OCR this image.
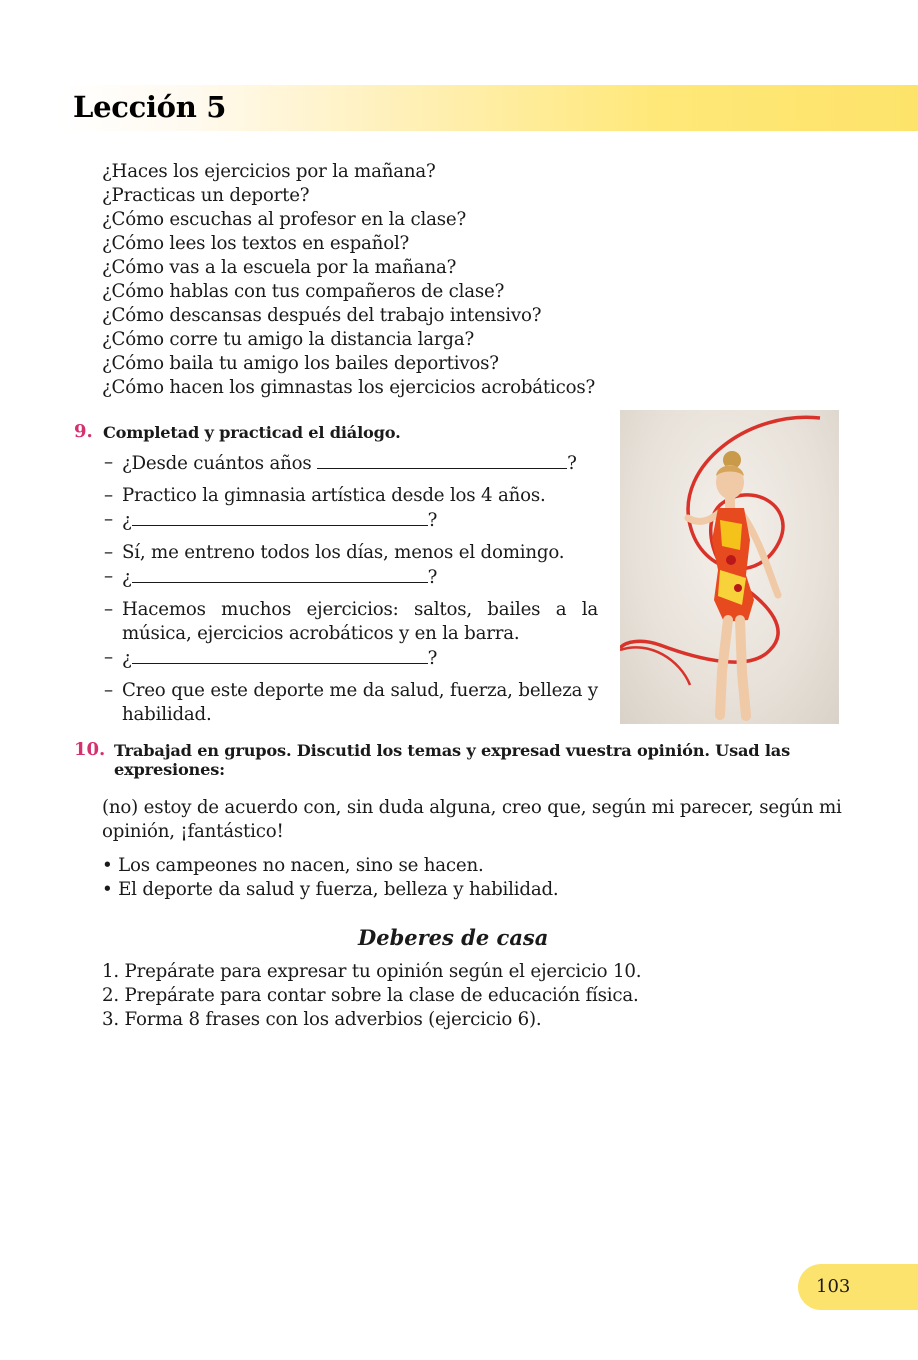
Lección 5
¿Haces los ejercicios por la mañana?
¿Practicas un deporte?
¿Cómo escuchas al profesor en la clase?
¿Cómo lees los textos en español?
¿Cómo vas a la escuela por la mañana?
¿Cómo hablas con tus compañeros de clase?
¿Cómo descansas después del trabajo intensivo?
¿Cómo corre tu amigo la distancia larga?
¿Cómo baila tu amigo los bailes deportivos?
¿Cómo hacen los gimnastas los ejercicios acrobáticos?
9. Completad y practicad el diálogo.
– ¿Desde cuántos años	?
– Practico la gimnasia artística desde los 4 años.
– ¿	?
– Sí, me entreno todos los días, menos el domingo.
– ¿	?
– Hacemos muchos ejercicios: saltos, bailes a la música, ejercicios acrobáticos y en la barra.
– ¿	?
– Creo que este deporte me da salud, fuerza, belleza y habilidad.
10. Trabajad en grupos. Discutid los temas y expresad vuestra opinión. Usad las expresiones:

(no) estoy de acuerdo con, sin duda alguna, creo que, según mi parecer, según mi opinión, ¡fantástico!

• Los campeones no nacen, sino se hacen.
• El deporte da salud y fuerza, belleza y habilidad.
Deberes de casa
1. Prepárate para expresar tu opinión según el ejercicio 10.
2. Prepárate para contar sobre la clase de educación física.
3. Forma 8 frases con los adverbios (ejercicio 6).
103
